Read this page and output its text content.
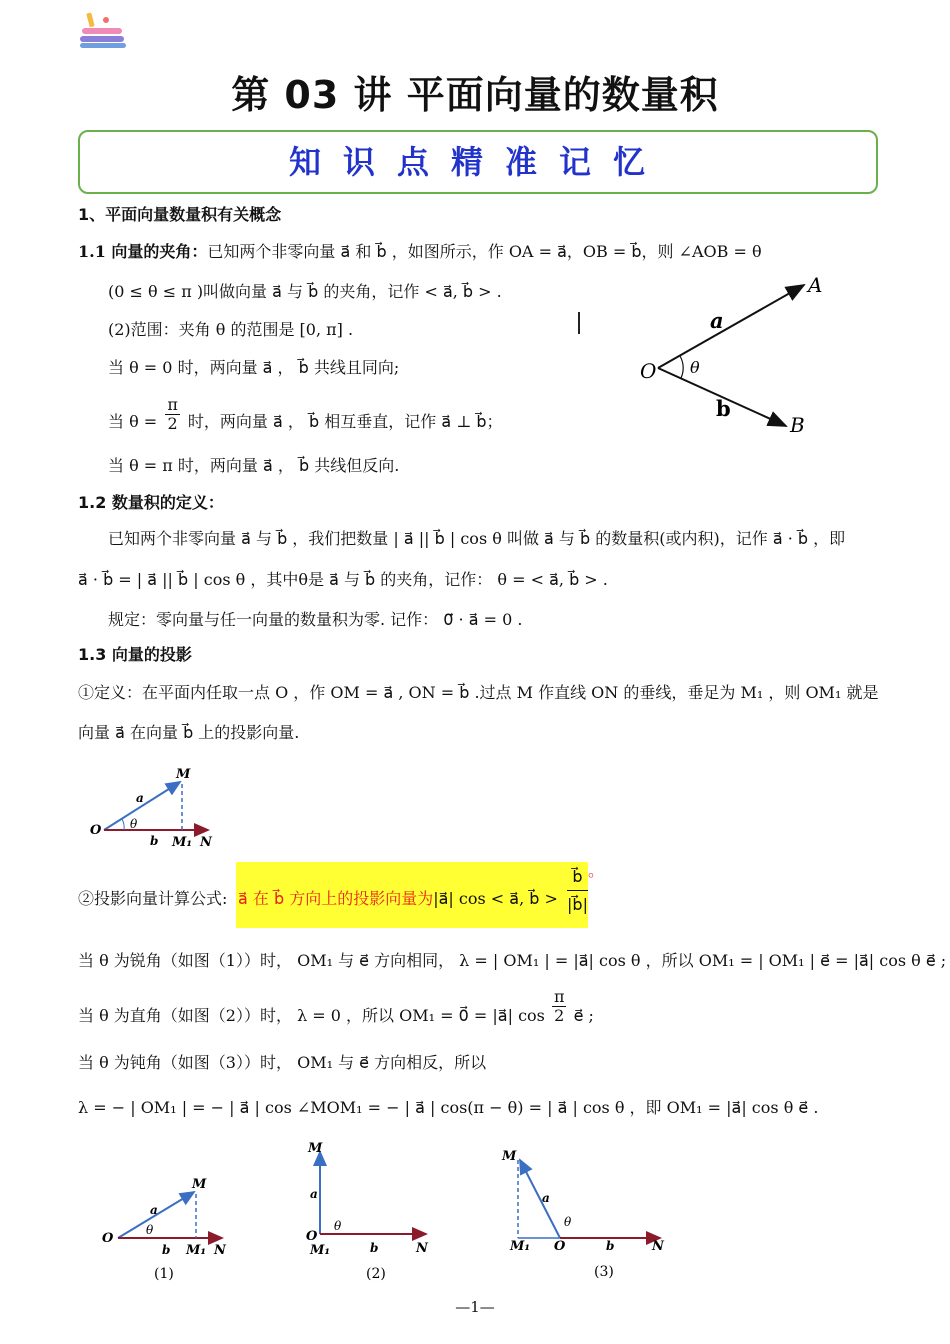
第 03 讲 平面向量的数量积
知识点精准记忆
1、平面向量数量积有关概念
1.1 向量的夹角：已知两个非零向量 a⃗ 和 b⃗ ，如图所示，作 OA = a⃗，OB = b⃗，则 ∠AOB = θ
(0 ≤ θ ≤ π )叫做向量 a⃗ 与 b⃗ 的夹角，记作 < a⃗, b⃗ > .
(2)范围：夹角 θ 的范围是 [0, π] .
当 θ = 0 时，两向量 a⃗ ， b⃗ 共线且同向;
当 $\theta = \frac{\pi}{2}$ 时，两向量 a⃗ ， b⃗ 相互垂直，记作 a⃗ ⊥ b⃗；
当 θ = π 时，两向量 a⃗ ， b⃗ 共线但反向.
O
A
B
a
b
θ
1.2 数量积的定义：
已知两个非零向量 a⃗ 与 b⃗ ，我们把数量 | a⃗ || b⃗ | cos θ 叫做 a⃗ 与 b⃗ 的数量积(或内积)，记作 a⃗ · b⃗ ，即
a⃗ · b⃗ = | a⃗ || b⃗ | cos θ ，其中θ是 a⃗ 与 b⃗ 的夹角，记作： θ = < a⃗, b⃗ > .
规定：零向量与任一向量的数量积为零. 记作： 0⃗ · a⃗ = 0 .
1.3 向量的投影
①定义：在平面内任取一点 O ，作 OM = a⃗ , ON = b⃗ .过点 M 作直线 ON 的垂线，垂足为 M₁ ，则 OM₁ 就是
向量 a⃗ 在向量 b⃗ 上的投影向量.
O
M
a
b M₁ N
θ
②投影向量计算公式: a⃗ 在 b⃗ 方向上的投影向量为|a⃗| cos < a⃗, b⃗ > $\frac{b⃗}{|b⃗|}$ 。
当 θ 为锐角（如图（1））时， OM₁ 与 e⃗ 方向相同， λ = | OM₁ | = |a⃗| cos θ ，所以 OM₁ = | OM₁ | e⃗ = |a⃗| cos θ e⃗ ;
当 θ 为直角（如图（2））时， λ = 0 ，所以 OM₁ = 0⃗ = |a⃗| $\cos \frac{\pi}{2}$ e⃗ ;
当 θ 为钝角（如图（3））时， OM₁ 与 e⃗ 方向相反，所以
λ = − | OM₁ | = − | a⃗ | cos ∠MOM₁ = − | a⃗ | cos(π − θ) = | a⃗ | cos θ ，即 OM₁ = |a⃗| cos θ e⃗ .
O
M
a
θ
b M₁ N
(1)
M
a
O
M₁
θ
b	N
(2)
M
a
θ
M₁ O	b	N
(3)
—1—
